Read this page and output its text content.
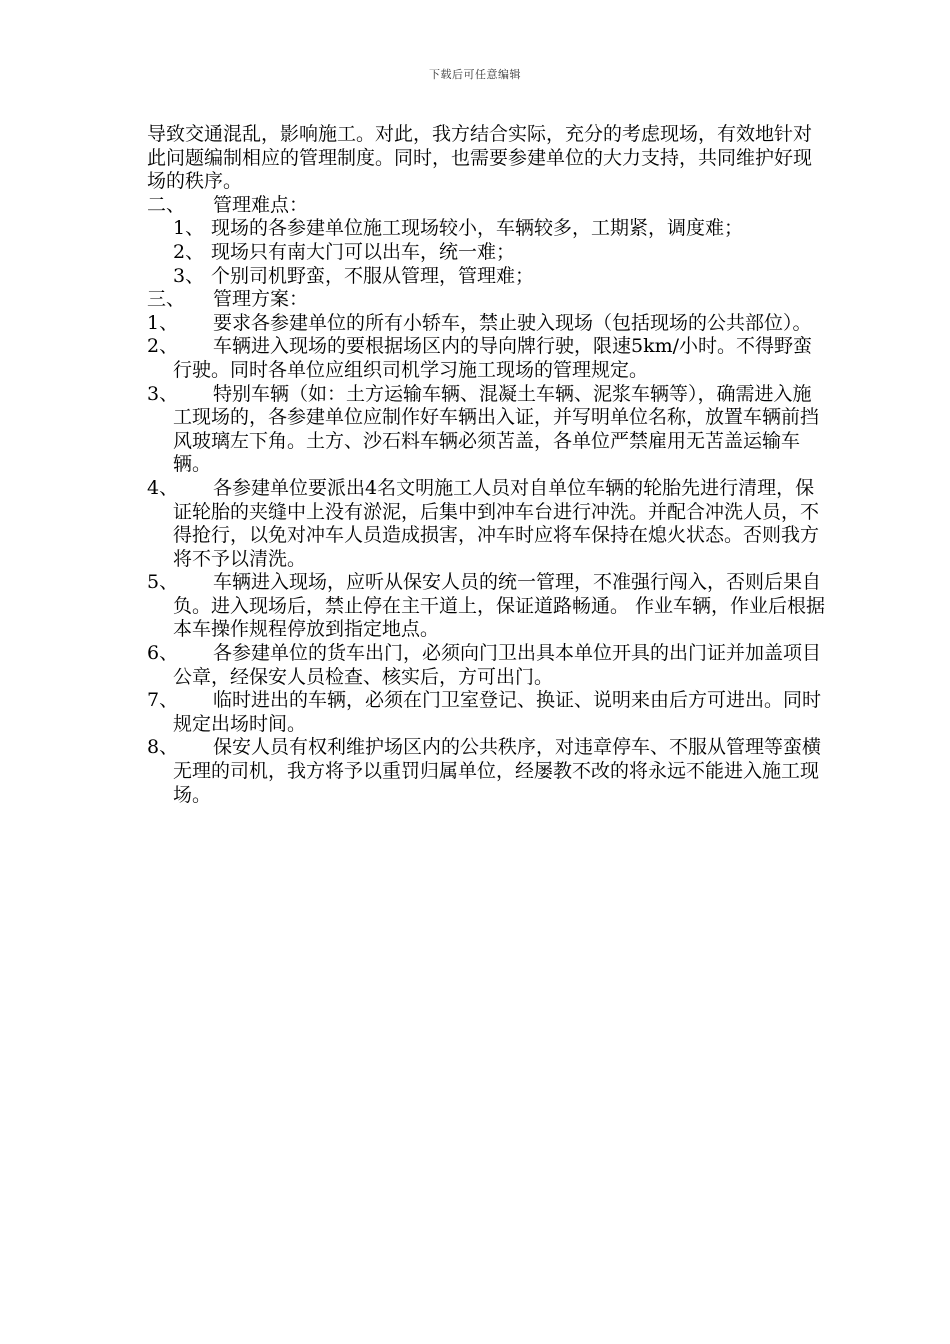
下载后可任意编辑

导致交通混乱，影响施工。对此，我方结合实际，充分的考虑现场，有效地针对此问题编制相应的管理制度。同时，也需要参建单位的大力支持，共同维护好现场的秩序。

二、	管理难点：

1、 现场的各参建单位施工现场较小，车辆较多，工期紧，调度难；

2、 现场只有南大门可以出车，统一难；

3、 个别司机野蛮，不服从管理，管理难；

三、	管理方案：
1、	要求各参建单位的所有小轿车，禁止驶入现场（包括现场的公共部位）。
2、	车辆进入现场的要根据场区内的导向牌行驶，限速5km/小时。不得野蛮行驶。同时各单位应组织司机学习施工现场的管理规定。
3、	特别车辆（如：土方运输车辆、混凝土车辆、泥浆车辆等），确需进入施工现场的，各参建单位应制作好车辆出入证，并写明单位名称，放置车辆前挡风玻璃左下角。土方、沙石料车辆必须苫盖，各单位严禁雇用无苫盖运输车辆。
4、	各参建单位要派出4名文明施工人员对自单位车辆的轮胎先进行清理，保证轮胎的夹缝中上没有淤泥，后集中到冲车台进行冲洗。并配合冲洗人员，不得抢行，以免对冲车人员造成损害，冲车时应将车保持在熄火状态。否则我方将不予以清洗。
5、	车辆进入现场，应听从保安人员的统一管理，不准强行闯入，否则后果自负。进入现场后，禁止停在主干道上，保证道路畅通。 作业车辆，作业后根据本车操作规程停放到指定地点。
6、	各参建单位的货车出门，必须向门卫出具本单位开具的出门证并加盖项目公章，经保安人员检查、核实后，方可出门。
7、	临时进出的车辆，必须在门卫室登记、换证、说明来由后方可进出。同时规定出场时间。
8、	保安人员有权利维护场区内的公共秩序，对违章停车、不服从管理等蛮横无理的司机，我方将予以重罚归属单位，经屡教不改的将永远不能进入施工现场。
